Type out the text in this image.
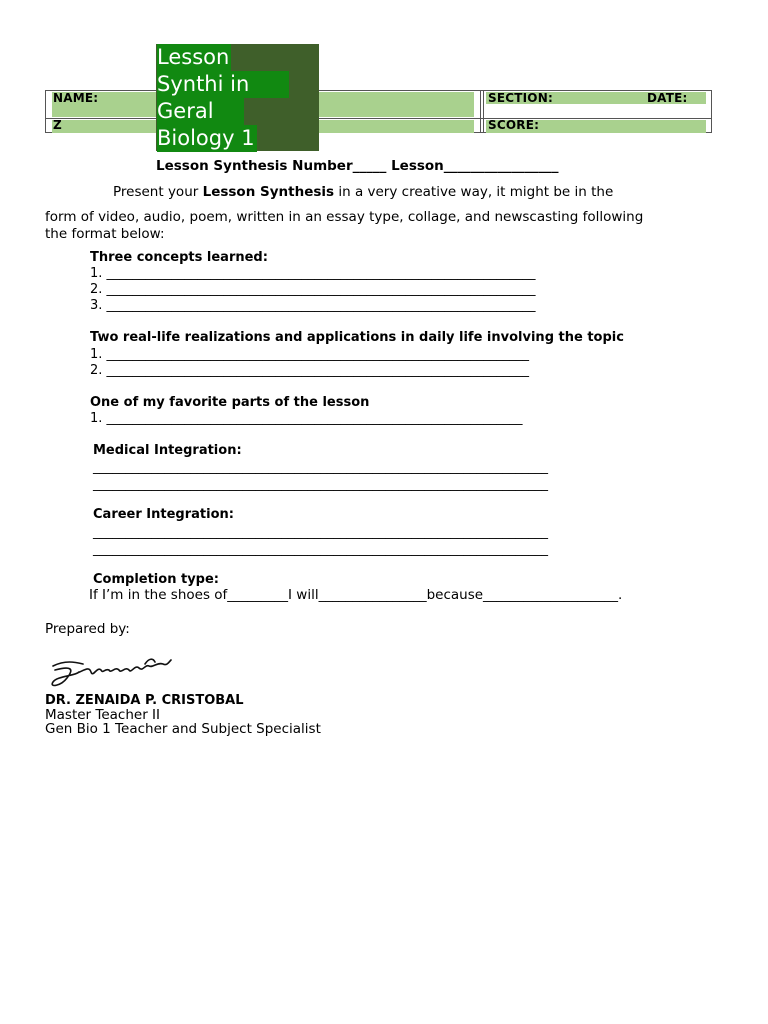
NAME:
Z
SECTION:	DATE:
SCORE:
Lesson
Synthi in
Geral
Biology 1
Lesson Synthesis Number_____ Lesson_________________
Present your Lesson Synthesis in a very creative way, it might be in the
form of video, audio, poem, written in an essay type, collage, and newscasting following
the format below:
Three concepts learned:
1. __________________________________________________________________
2. __________________________________________________________________
3. __________________________________________________________________
Two real-life realizations and applications in daily life involving the topic
1. _________________________________________________________________
2. _________________________________________________________________
One of my favorite parts of the lesson
1. ________________________________________________________________
Medical Integration:
______________________________________________________________________
______________________________________________________________________
Career Integration:
______________________________________________________________________
______________________________________________________________________
Completion type:
If I’m in the shoes of_________I will________________because____________________.
Prepared by:
DR. ZENAIDA P. CRISTOBAL
Master Teacher II
Gen Bio 1 Teacher and Subject Specialist
